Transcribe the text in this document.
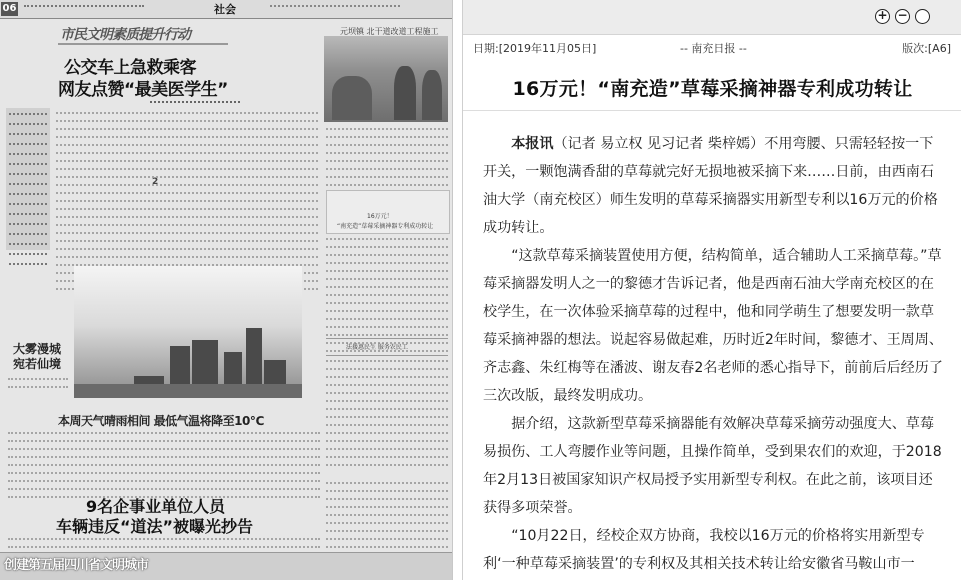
06	社会
市民文明素质提升行动
公交车上急救乘客
网友点赞“最美医学生”
2
元坝镇 北干道改道工程施工
16万元！
“南充造”草莓采摘神器专利成功转让
法援惠民生 服务农民工
大雾漫城
宛若仙境
本周天气晴雨相间 最低气温将降至10℃
9名企事业单位人员
车辆违反“道法”被曝光抄告
创建第五届四川省文明城市
+ −
日期:[2019年11月05日]	-- 南充日报 --	版次:[A6]
16万元！“南充造”草莓采摘神器专利成功转让

本报讯（记者 易立权 见习记者 柴梓嫣）不用弯腰、只需轻轻按一下开关，一颗饱满香甜的草莓就完好无损地被采摘下来……日前，由西南石油大学（南充校区）师生发明的草莓采摘器实用新型专利以16万元的价格成功转让。

“这款草莓采摘装置使用方便，结构简单，适合辅助人工采摘草莓。”草莓采摘器发明人之一的黎德才告诉记者，他是西南石油大学南充校区的在校学生，在一次体验采摘草莓的过程中，他和同学萌生了想要发明一款草莓采摘神器的想法。说起容易做起难，历时近2年时间，黎德才、王周周、齐志鑫、朱红梅等在潘波、谢友春2名老师的悉心指导下，前前后后经历了三次改版，最终发明成功。

据介绍，这款新型草莓采摘器能有效解决草莓采摘劳动强度大、草莓易损伤、工人弯腰作业等问题，且操作简单，受到果农们的欢迎，于2018年2月13日被国家知识产权局授予实用新型专利权。在此之前，该项目还获得多项荣誉。

“10月22日，经校企双方协商，我校以16万元的价格将实用新型专利‘一种草莓采摘装置’的专利权及其相关技术转让给安徽省马鞍山市一
